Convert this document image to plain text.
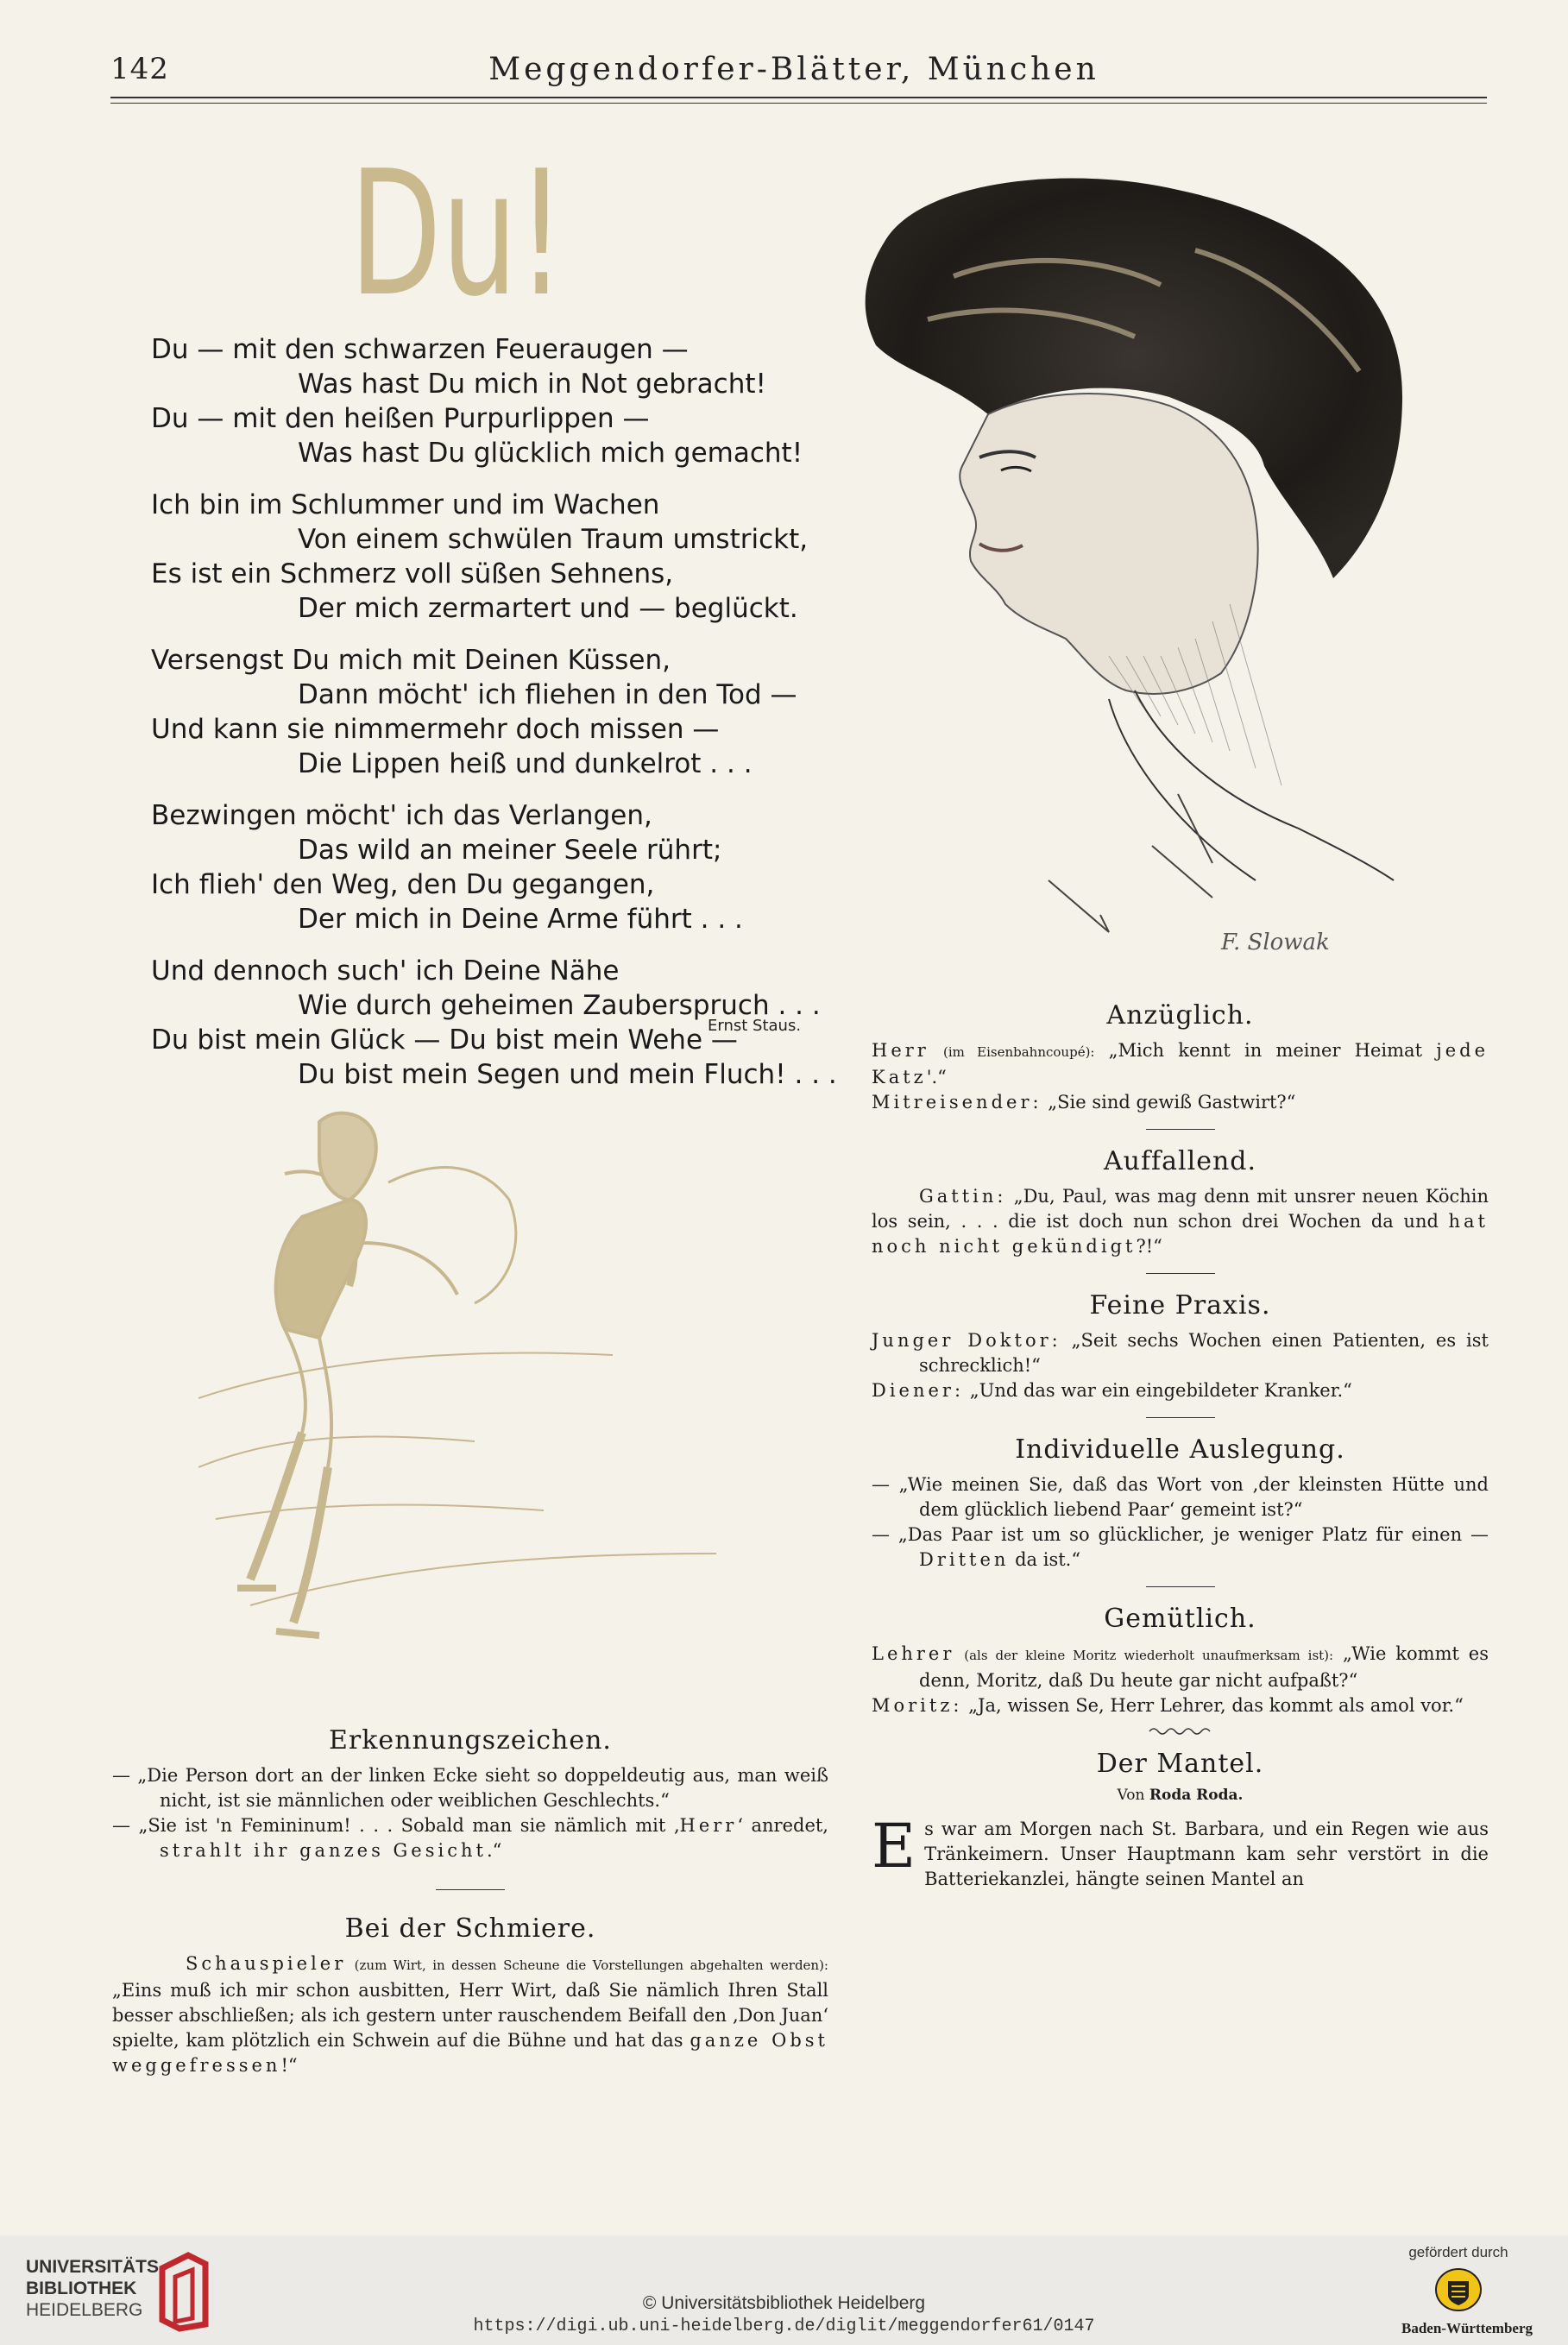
142	Meggendorfer-Blätter, München
Du!
Du — mit den schwarzen Feueraugen —
Was hast Du mich in Not gebracht!
Du — mit den heißen Purpurlippen —
Was hast Du glücklich mich gemacht!
Ich bin im Schlummer und im Wachen
Von einem schwülen Traum umstrickt,
Es ist ein Schmerz voll süßen Sehnens,
Der mich zermartert und — beglückt.
Versengst Du mich mit Deinen Küssen,
Dann möcht' ich fliehen in den Tod —
Und kann sie nimmermehr doch missen —
Die Lippen heiß und dunkelrot . . .
Bezwingen möcht' ich das Verlangen,
Das wild an meiner Seele rührt;
Ich flieh' den Weg, den Du gegangen,
Der mich in Deine Arme führt . . .
Und dennoch such' ich Deine Nähe
Wie durch geheimen Zauberspruch . . .
Du bist mein Glück — Du bist mein Wehe —
Du bist mein Segen und mein Fluch! . . .
Ernst Staus.
F. Slowak
Erkennungszeichen.

— „Die Person dort an der linken Ecke sieht so doppeldeutig aus, man weiß nicht, ist sie männlichen oder weiblichen Geschlechts.“

— „Sie ist 'n Femininum! . . . Sobald man sie nämlich mit ‚Herr‘ anredet, strahlt ihr ganzes Gesicht.“

Bei der Schmiere.

Schauspieler (zum Wirt, in dessen Scheune die Vorstellungen abgehalten werden): „Eins muß ich mir schon ausbitten, Herr Wirt, daß Sie nämlich Ihren Stall besser abschließen; als ich gestern unter rauschendem Beifall den ‚Don Juan‘ spielte, kam plötzlich ein Schwein auf die Bühne und hat das ganze Obst weggefressen!“

Anzüglich.

Herr (im Eisenbahncoupé): „Mich kennt in meiner Heimat jede Katz'.“

Mitreisender: „Sie sind gewiß Gastwirt?“

Auffallend.

Gattin: „Du, Paul, was mag denn mit unsrer neuen Köchin los sein, . . . die ist doch nun schon drei Wochen da und hat noch nicht gekündigt?!“

Feine Praxis.

Junger Doktor: „Seit sechs Wochen einen Patienten, es ist schrecklich!“

Diener: „Und das war ein eingebildeter Kranker.“

Individuelle Auslegung.

— „Wie meinen Sie, daß das Wort von ‚der kleinsten Hütte und dem glücklich liebend Paar‘ gemeint ist?“

— „Das Paar ist um so glücklicher, je weniger Platz für einen — Dritten da ist.“

Gemütlich.

Lehrer (als der kleine Moritz wiederholt unaufmerksam ist): „Wie kommt es denn, Moritz, daß Du heute gar nicht aufpaßt?“

Moritz: „Ja, wissen Se, Herr Lehrer, das kommt als amol vor.“

Der Mantel.
Von Roda Roda.

Es war am Morgen nach St. Barbara, und ein Regen wie aus Tränkeimern. Unser Hauptmann kam sehr verstört in die Batteriekanzlei, hängte seinen Mantel an

UNIVERSITÄTS-
BIBLIOTHEK
HEIDELBERG	© Universitätsbibliothek Heidelberg
https://digi.ub.uni-heidelberg.de/diglit/meggendorfer61/0147
gefördert durch
Baden-Württemberg
